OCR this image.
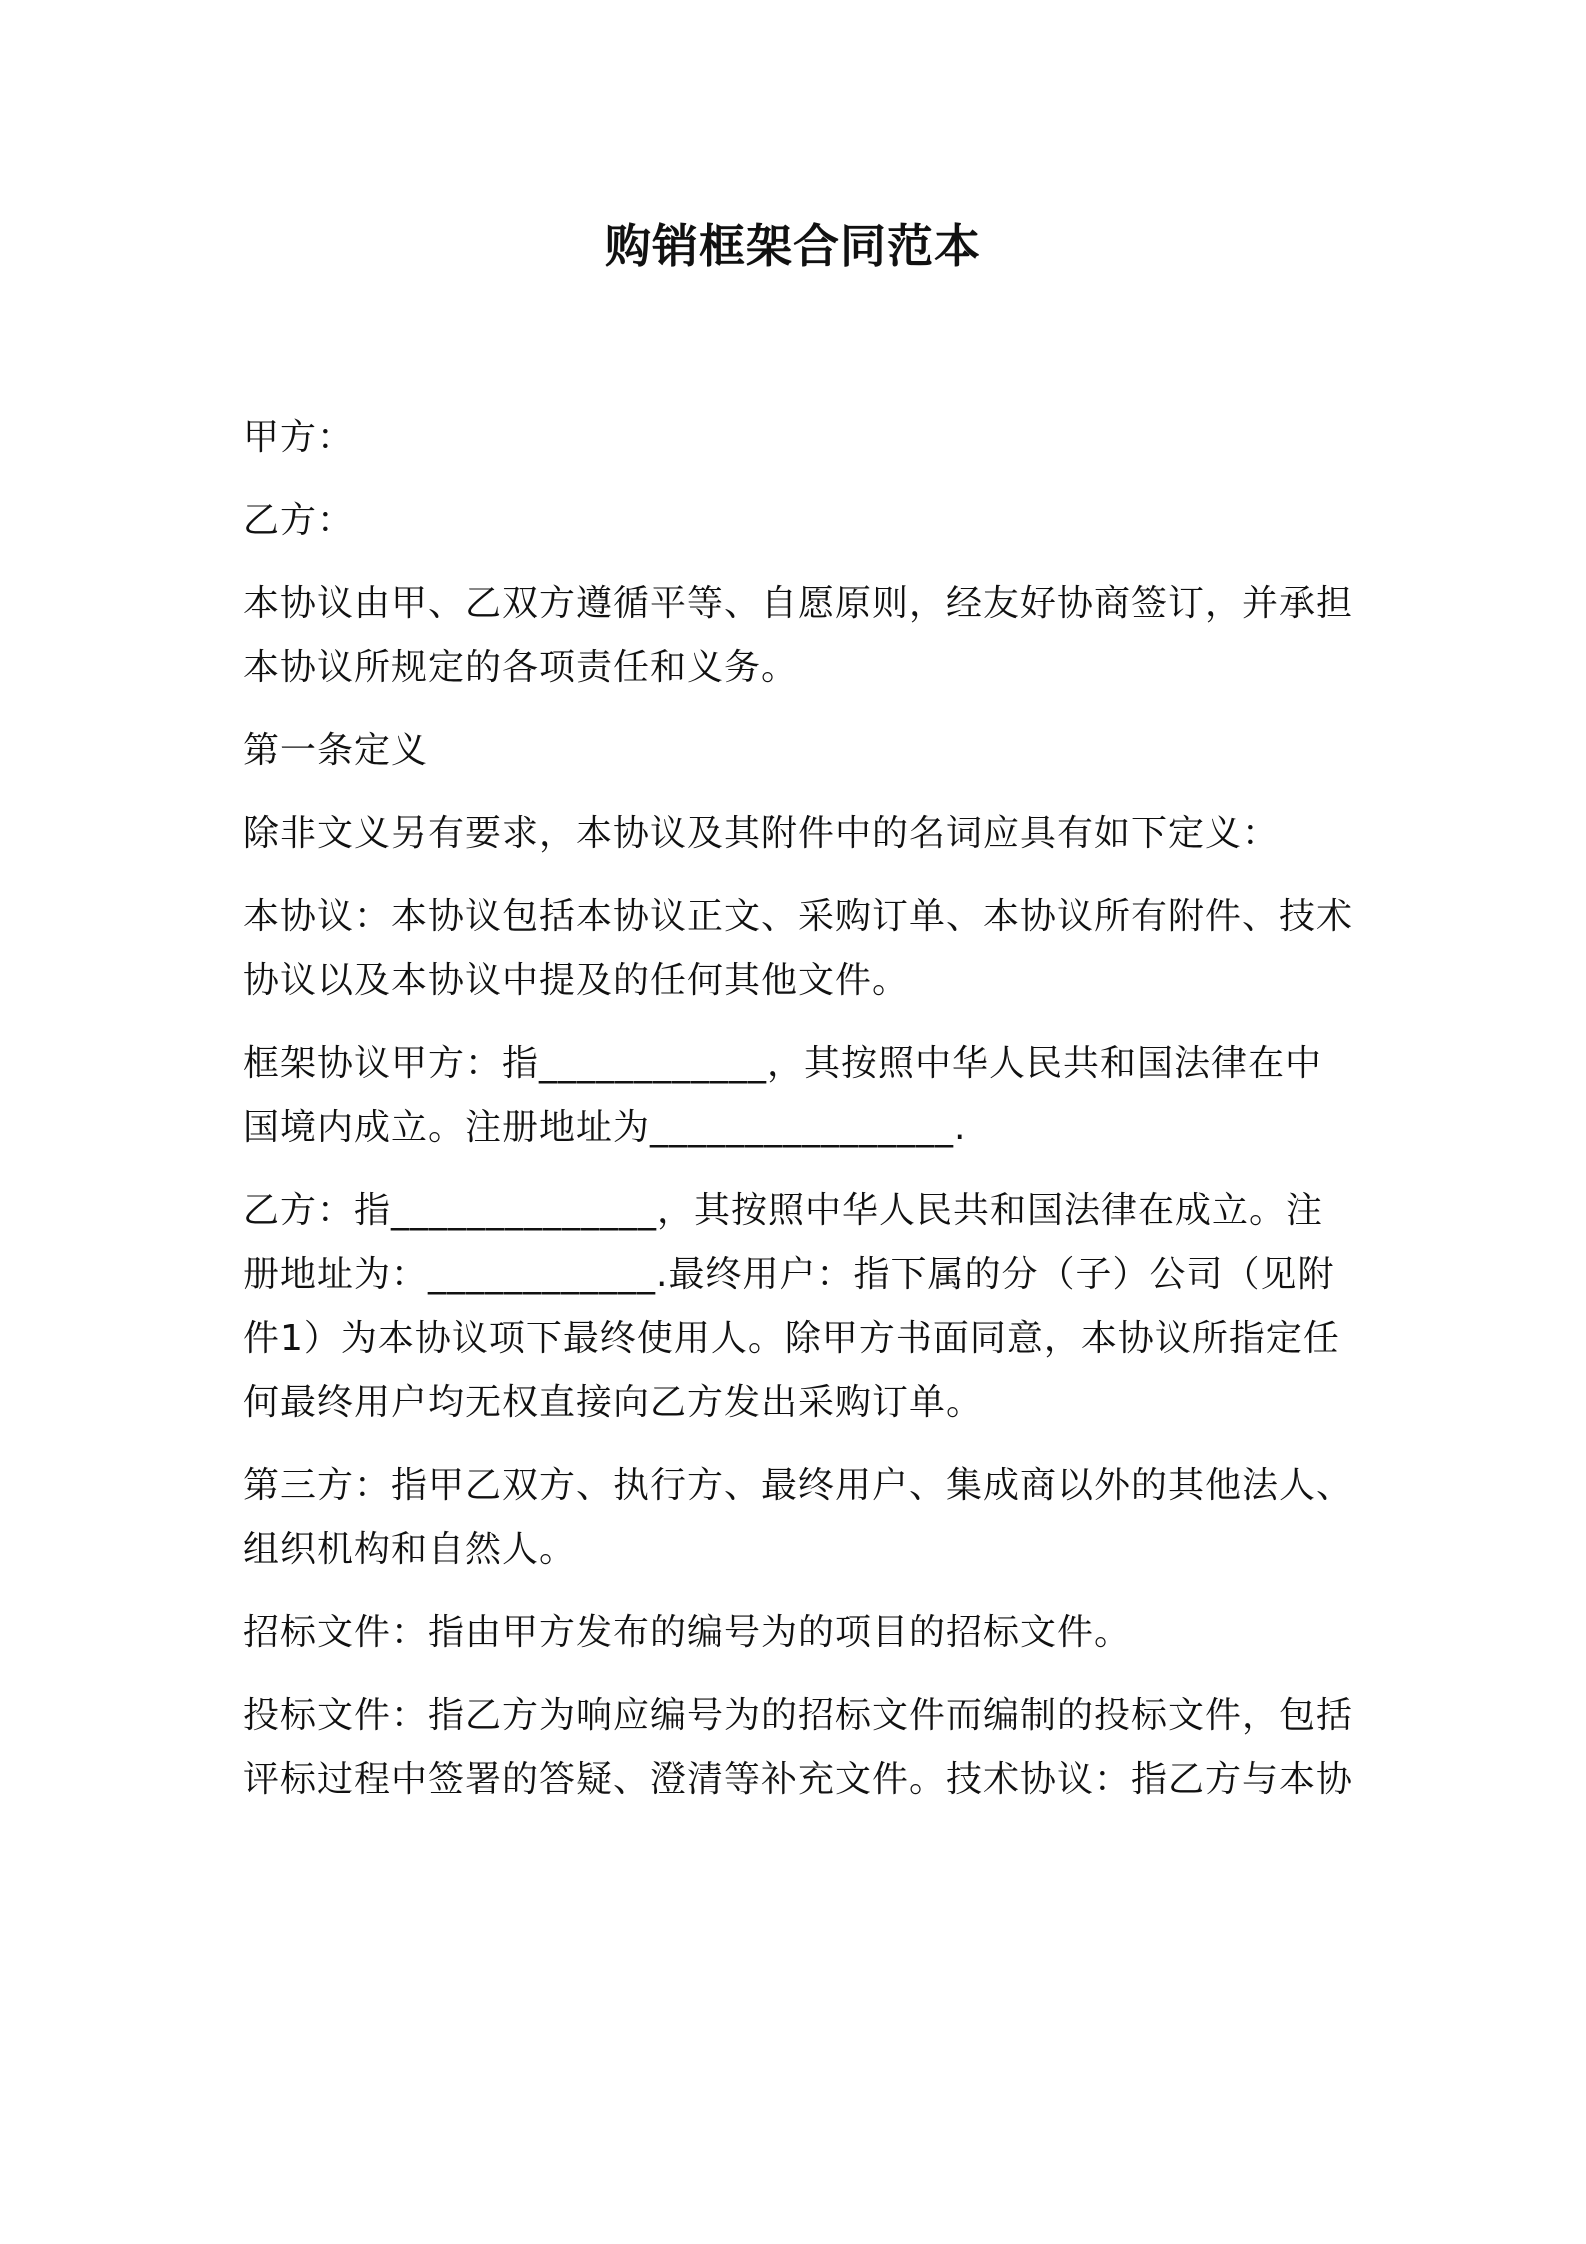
购销框架合同范本

甲方：

乙方：

本协议由甲、乙双方遵循平等、自愿原则，经友好协商签订，并承担本协议所规定的各项责任和义务。

第一条定义

除非文义另有要求，本协议及其附件中的名词应具有如下定义：

本协议：本协议包括本协议正文、采购订单、本协议所有附件、技术协议以及本协议中提及的任何其他文件。

框架协议甲方：指____________，其按照中华人民共和国法律在中国境内成立。注册地址为________________.

乙方：指______________，其按照中华人民共和国法律在成立。注册地址为：____________.最终用户：指下属的分（子）公司（见附件1）为本协议项下最终使用人。除甲方书面同意，本协议所指定任何最终用户均无权直接向乙方发出采购订单。

第三方：指甲乙双方、执行方、最终用户、集成商以外的其他法人、组织机构和自然人。

招标文件：指由甲方发布的编号为的项目的招标文件。

投标文件：指乙方为响应编号为的招标文件而编制的投标文件，包括评标过程中签署的答疑、澄清等补充文件。技术协议：指乙方与本协
